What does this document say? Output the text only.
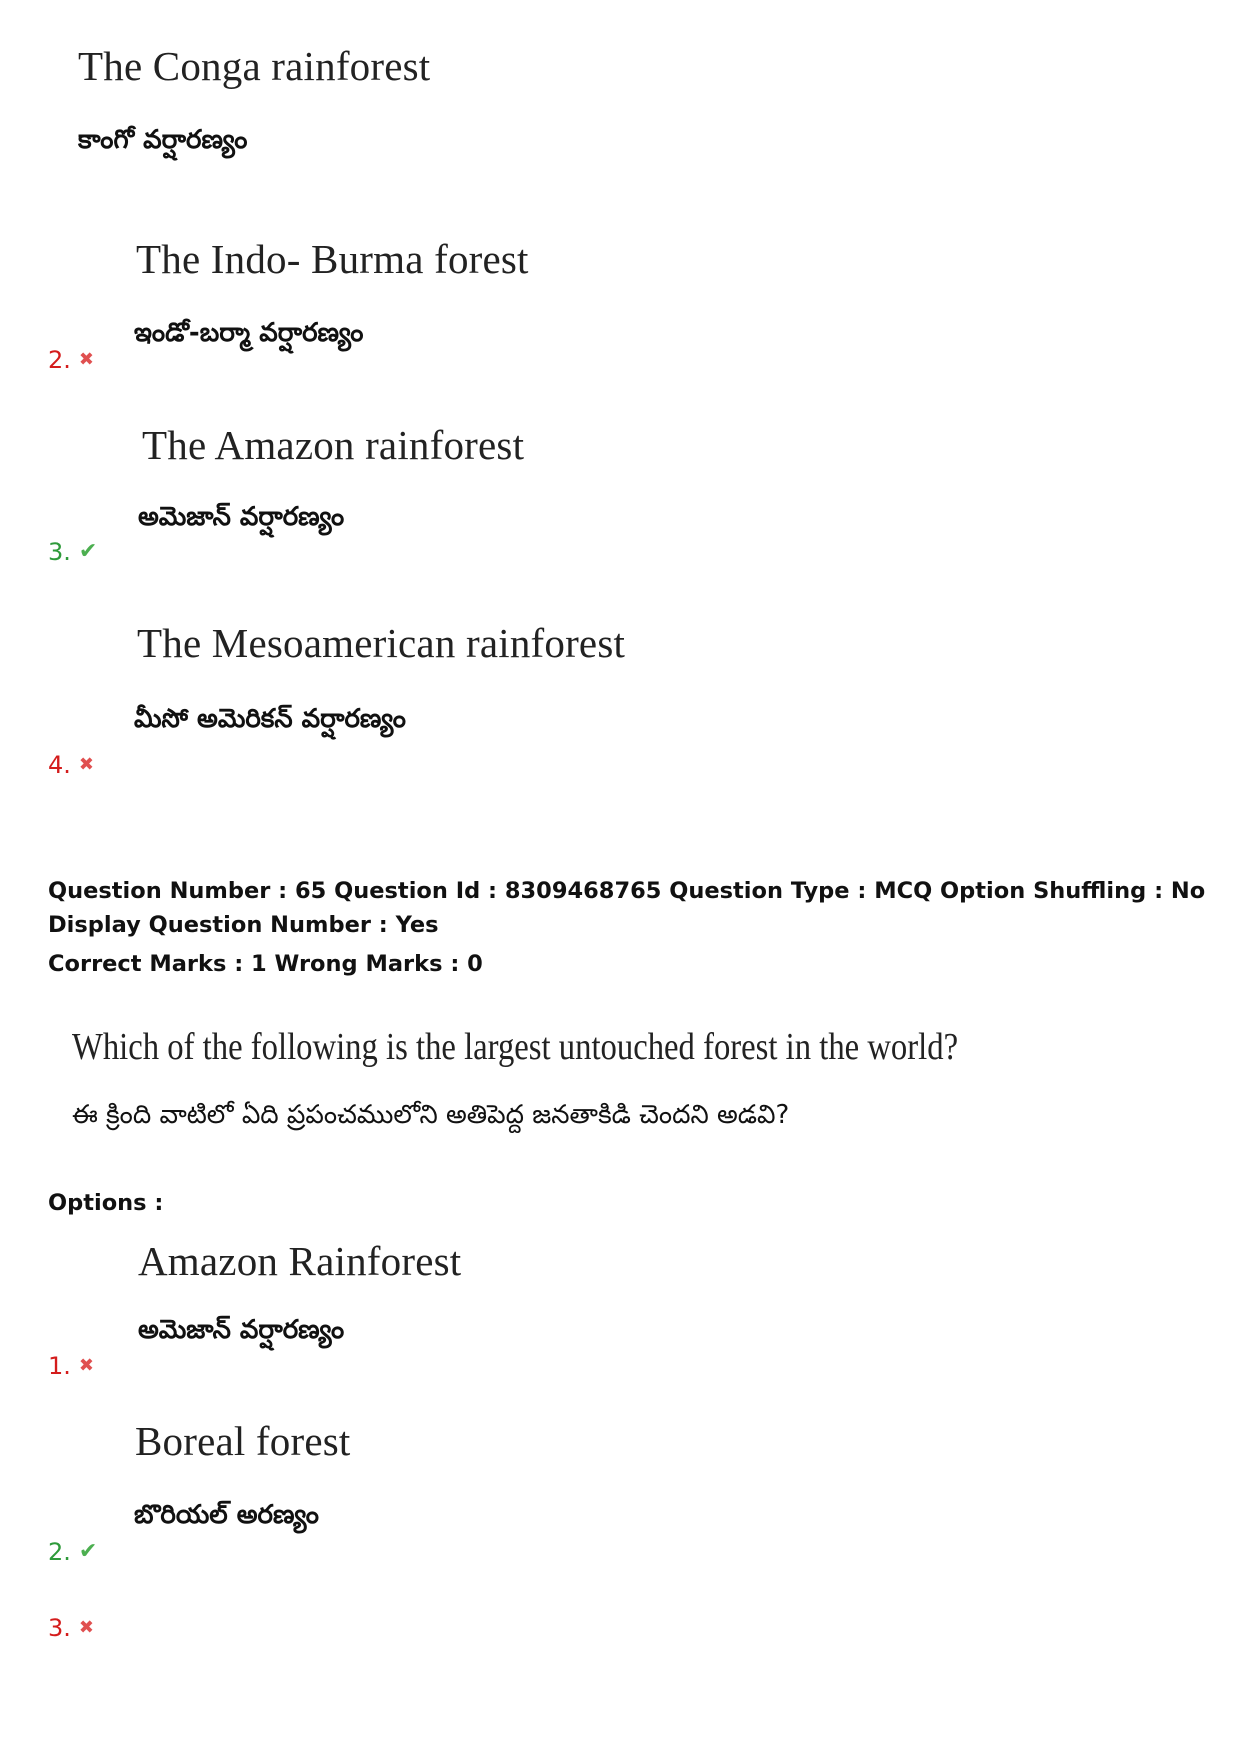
The Conga rainforest
కాంగో వర్షారణ్యం
The Indo- Burma forest
ఇండో-బర్మా వర్షారణ్యం
2. ✖
The Amazon rainforest
అమెజాన్ వర్షారణ్యం
3. ✔
The Mesoamerican rainforest
మీసో అమెరికన్ వర్షారణ్యం
4. ✖
Question Number : 65 Question Id : 8309468765 Question Type : MCQ Option Shuffling : No
Display Question Number : Yes
Correct Marks : 1 Wrong Marks : 0
Which of the following is the largest untouched forest in the world?
ఈ క్రింది వాటిలో ఏది ప్రపంచములోని అతిపెద్ద జనతాకిడి చెందని అడవి?
Options :
Amazon Rainforest
అమెజాన్ వర్షారణ్యం
1. ✖
Boreal forest
బొరియల్ అరణ్యం
2. ✔
3. ✖
